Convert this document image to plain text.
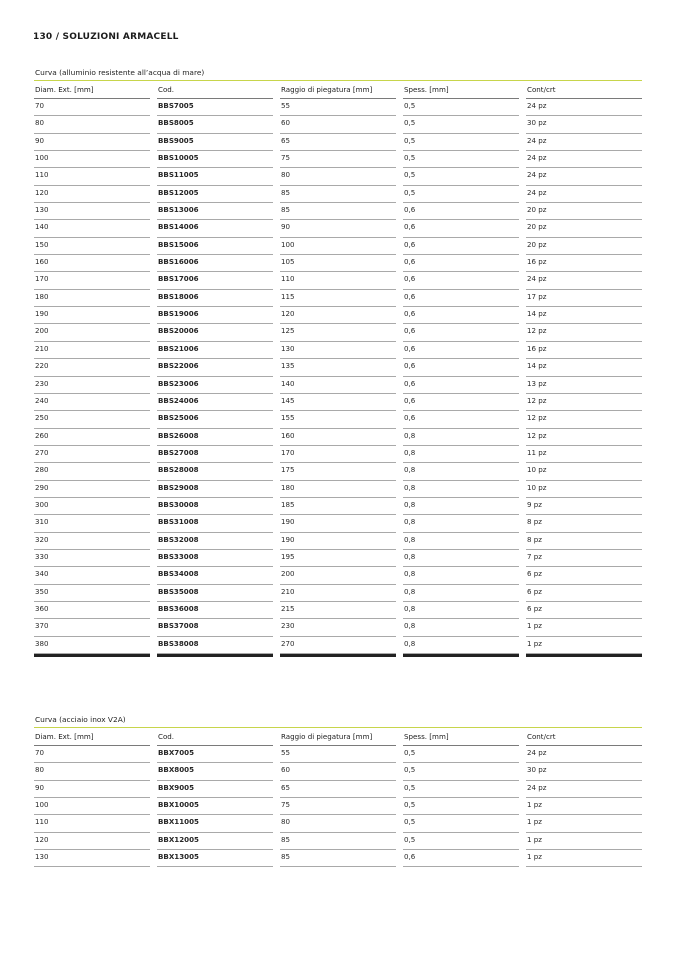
130 / SOLUZIONI ARMACELL
Curva (alluminio resistente all’acqua di mare)
Diam. Ext. [mm]
70
80
90
100
110
120
130
140
150
160
170
180
190
200
210
220
230
240
250
260
270
280
290
300
310
320
330
340
350
360
370
380
Cod.
BBS7005
BBS8005
BBS9005
BBS10005
BBS11005
BBS12005
BBS13006
BBS14006
BBS15006
BBS16006
BBS17006
BBS18006
BBS19006
BBS20006
BBS21006
BBS22006
BBS23006
BBS24006
BBS25006
BBS26008
BBS27008
BBS28008
BBS29008
BBS30008
BBS31008
BBS32008
BBS33008
BBS34008
BBS35008
BBS36008
BBS37008
BBS38008
Raggio di piegatura [mm]
55
60
65
75
80
85
85
90
100
105
110
115
120
125
130
135
140
145
155
160
170
175
180
185
190
190
195
200
210
215
230
270
Spess. [mm]
0,5
0,5
0,5
0,5
0,5
0,5
0,6
0,6
0,6
0,6
0,6
0,6
0,6
0,6
0,6
0,6
0,6
0,6
0,6
0,8
0,8
0,8
0,8
0,8
0,8
0,8
0,8
0,8
0,8
0,8
0,8
0,8
Cont/crt
24 pz
30 pz
24 pz
24 pz
24 pz
24 pz
20 pz
20 pz
20 pz
16 pz
24 pz
17 pz
14 pz
12 pz
16 pz
14 pz
13 pz
12 pz
12 pz
12 pz
11 pz
10 pz
10 pz
9 pz
8 pz
8 pz
7 pz
6 pz
6 pz
6 pz
1 pz
1 pz
Curva (acciaio inox V2A)
Diam. Ext. [mm]
70
80
90
100
110
120
130
Cod.
BBX7005
BBX8005
BBX9005
BBX10005
BBX11005
BBX12005
BBX13005
Raggio di piegatura [mm]
55
60
65
75
80
85
85
Spess. [mm]
0,5
0,5
0,5
0,5
0,5
0,5
0,6
Cont/crt
24 pz
30 pz
24 pz
1 pz
1 pz
1 pz
1 pz
